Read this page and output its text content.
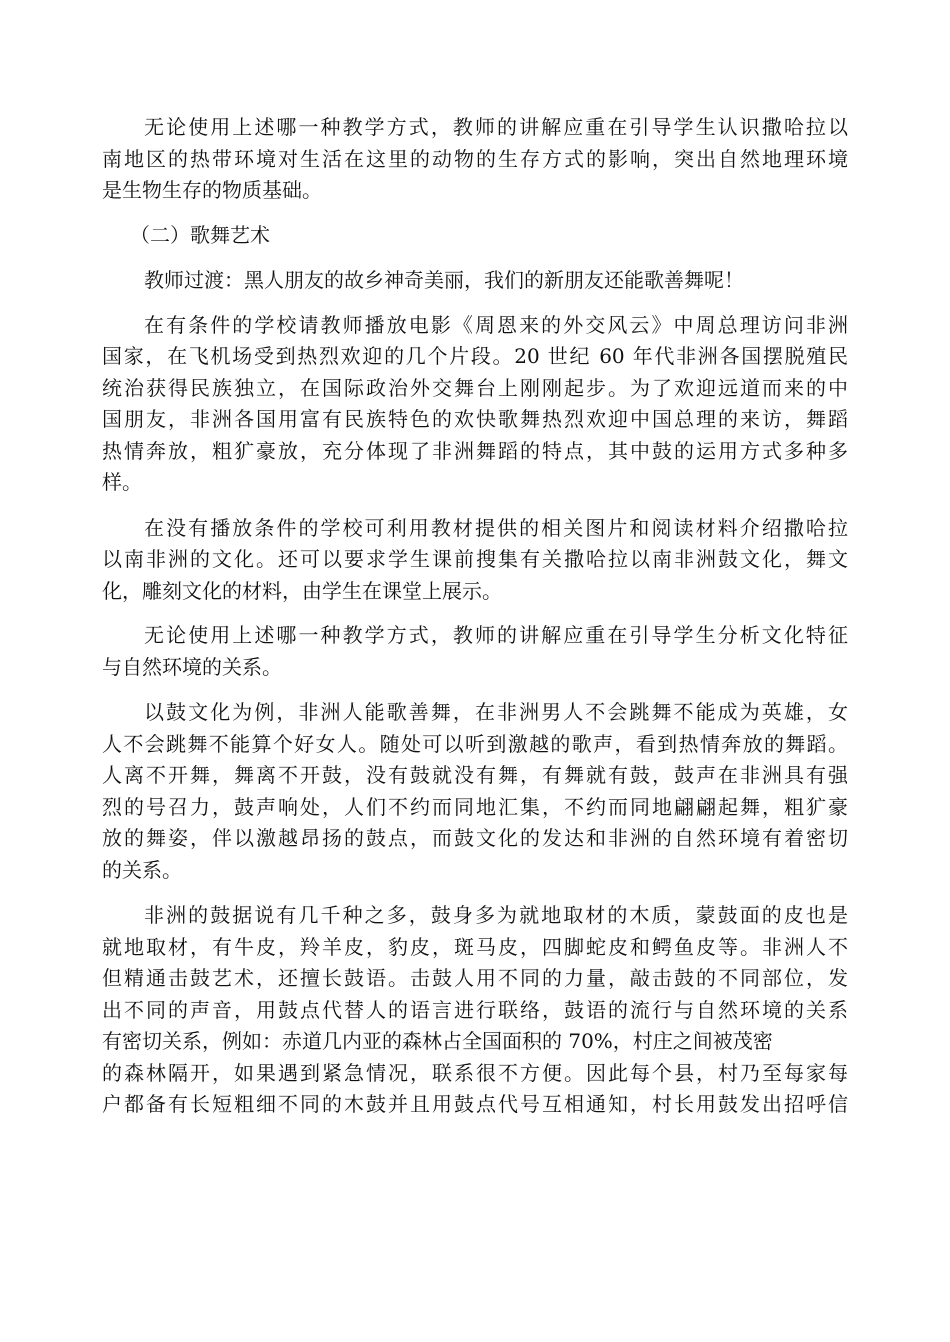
无论使用上述哪一种教学方式，教师的讲解应重在引导学生认识撒哈拉以
南地区的热带环境对生活在这里的动物的生存方式的影响，突出自然地理环境
是生物生存的物质基础。
（二）歌舞艺术
教师过渡：黑人朋友的故乡神奇美丽，我们的新朋友还能歌善舞呢！
在有条件的学校请教师播放电影《周恩来的外交风云》中周总理访问非洲
国家，在飞机场受到热烈欢迎的几个片段。20 世纪 60 年代非洲各国摆脱殖民
统治获得民族独立，在国际政治外交舞台上刚刚起步。为了欢迎远道而来的中
国朋友，非洲各国用富有民族特色的欢快歌舞热烈欢迎中国总理的来访，舞蹈
热情奔放，粗犷豪放，充分体现了非洲舞蹈的特点，其中鼓的运用方式多种多
样。
在没有播放条件的学校可利用教材提供的相关图片和阅读材料介绍撒哈拉
以南非洲的文化。还可以要求学生课前搜集有关撒哈拉以南非洲鼓文化，舞文
化，雕刻文化的材料，由学生在课堂上展示。
无论使用上述哪一种教学方式，教师的讲解应重在引导学生分析文化特征
与自然环境的关系。
以鼓文化为例，非洲人能歌善舞，在非洲男人不会跳舞不能成为英雄，女
人不会跳舞不能算个好女人。随处可以听到激越的歌声，看到热情奔放的舞蹈。
人离不开舞，舞离不开鼓，没有鼓就没有舞，有舞就有鼓，鼓声在非洲具有强
烈的号召力，鼓声响处，人们不约而同地汇集，不约而同地翩翩起舞，粗犷豪
放的舞姿，伴以激越昂扬的鼓点，而鼓文化的发达和非洲的自然环境有着密切
的关系。
非洲的鼓据说有几千种之多，鼓身多为就地取材的木质，蒙鼓面的皮也是
就地取材，有牛皮，羚羊皮，豹皮，斑马皮，四脚蛇皮和鳄鱼皮等。非洲人不
但精通击鼓艺术，还擅长鼓语。击鼓人用不同的力量，敲击鼓的不同部位，发
出不同的声音，用鼓点代替人的语言进行联络，鼓语的流行与自然环境的关系
有密切关系，例如：赤道几内亚的森林占全国面积的 70%，村庄之间被茂密
的森林隔开，如果遇到紧急情况，联系很不方便。因此每个县，村乃至每家每
户都备有长短粗细不同的木鼓并且用鼓点代号互相通知，村长用鼓发出招呼信
